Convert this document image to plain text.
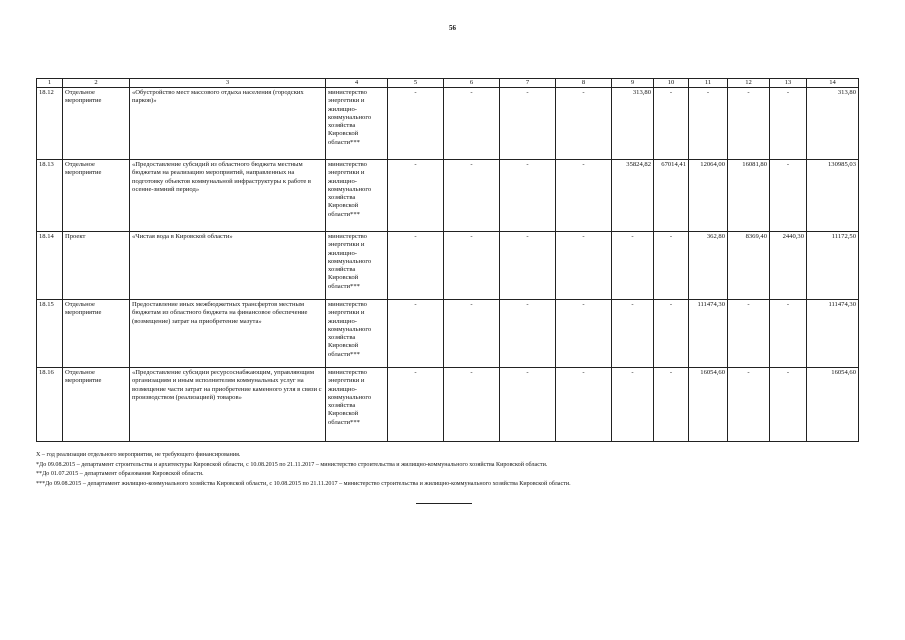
56
1	2	3	4	5	6	7	8	9	10	11	12	13	14
18.12	Отдельное мероприятие	«Обустройство мест массового отдыха населения (городских парков)»	министерство энергетики и жилищно-коммунального хозяйства Кировской области***	-	-	-	-	313,80	-	-	-	-	313,80
18.13	Отдельное мероприятие	«Предоставление субсидий из областного бюджета местным бюджетам на реализацию мероприятий, направленных на подготовку объектов коммунальной инфраструктуры к работе в осенне-зимний период»	министерство энергетики и жилищно-коммунального хозяйства Кировской области***	-	-	-	-	35824,82	67014,41	12064,00	16081,80	-	130985,03
18.14	Проект	«Чистая вода в Кировской области»	министерство энергетики и жилищно-коммунального хозяйства Кировской области***	-	-	-	-	-	-	362,80	8369,40	2440,30	11172,50
18.15	Отдельное мероприятие	Предоставление иных межбюджетных трансфертов местным бюджетам из областного бюджета на финансовое обеспечение (возмещение) затрат на приобретение мазута»	министерство энергетики и жилищно-коммунального хозяйства Кировской области***	-	-	-	-	-	-	111474,30	-	-	111474,30
18.16	Отдельное мероприятие	«Предоставление субсидии ресурсоснабжающим, управляющим организациям и иным исполнителям коммунальных услуг на возмещение части затрат на приобретение каменного угля в связи с производством (реализацией) товаров»	министерство энергетики и жилищно-коммунального хозяйства Кировской области***	-	-	-	-	-	-	16054,60	-	-	16054,60
X – год реализации отдельного мероприятия, не требующего финансирования.
*До 09.08.2015 – департамент строительства и архитектуры Кировской области, с 10.08.2015 по 21.11.2017 – министерство строительства и жилищно-коммунального хозяйства Кировской области.
**До 01.07.2015 – департамент образования Кировской области.
***До 09.08.2015 – департамент жилищно-коммунального хозяйства Кировской области, с 10.08.2015 по 21.11.2017 – министерство строительства и жилищно-коммунального хозяйства Кировской области.
